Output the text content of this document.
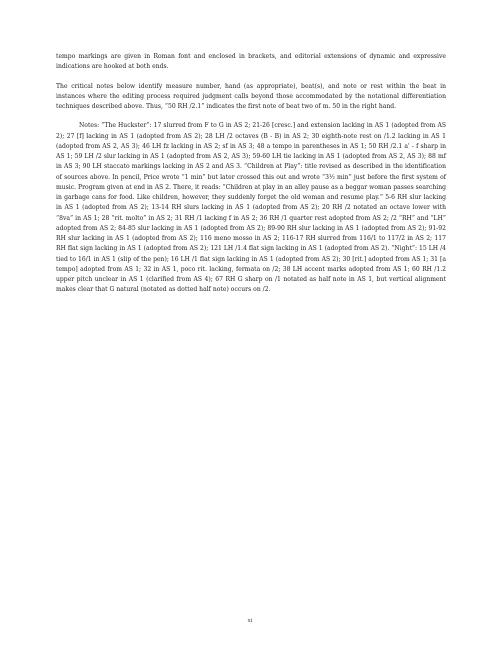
tempo markings are given in Roman font and enclosed in brackets, and editorial extensions of dynamic and expressive indications are hooked at both ends.

The critical notes below identify measure number, hand (as appropriate), beat(s), and note or rest within the beat in instances where the editing process required judgment calls beyond those accommodated by the notational differentiation techniques described above. Thus, “50 RH /2.1” indicates the first note of beat two of m. 50 in the right hand.

Notes: “The Huckster”: 17 slurred from F to G in AS 2; 21-26 [cresc.] and extension lacking in AS 1 (adopted from AS 2); 27 [f] lacking in AS 1 (adopted from AS 2); 28 LH /2 octaves (B - B) in AS 2; 30 eighth-note rest on /1.2 lacking in AS 1 (adopted from AS 2, AS 3); 46 LH fz lacking in AS 2; sf in AS 3; 48 a tempo in parentheses in AS 1; 50 RH /2.1 a' - f sharp in AS 1; 59 LH /2 slur lacking in AS 1 (adopted from AS 2, AS 3); 59-60 LH tie lacking in AS 1 (adopted from AS 2, AS 3); 88 mf in AS 3; 90 LH staccato markings lacking in AS 2 and AS 3. “Children at Play”: title revised as described in the identification of sources above. In pencil, Price wrote “1 min” but later crossed this out and wrote “3½ min” just before the first system of music. Program given at end in AS 2. There, it reads: “Children at play in an alley pause as a beggar woman passes searching in garbage cans for food. Like children, however, they suddenly forget the old woman and resume play.” 5-6 RH slur lacking in AS 1 (adopted from AS 2); 13-14 RH slurs lacking in AS 1 (adopted from AS 2); 20 RH /2 notated an octave lower with “8va” in AS 1; 28 “rit. molto” in AS 2; 31 RH /1 lacking f in AS 2; 36 RH /1 quarter rest adopted from AS 2; /2 “RH” and “LH” adopted from AS 2; 84-85 slur lacking in AS 1 (adopted from AS 2); 89-90 RH slur lacking in AS 1 (adopted from AS 2); 91-92 RH slur lacking in AS 1 (adopted from AS 2); 116 meno mosso in AS 2; 116-17 RH slurred from 116/1 to 117/2 in AS 2; 117 RH flat sign lacking in AS 1 (adopted from AS 2); 121 LH /1.4 flat sign lacking in AS 1 (adopted from AS 2). “Night”: 15 LH /4 tied to 16/1 in AS 1 (slip of the pen); 16 LH /1 flat sign lacking in AS 1 (adopted from AS 2); 30 [rit.] adopted from AS 1; 31 [a tempo] adopted from AS 1; 32 in AS 1, poco rit. lacking, fermata on /2; 38 LH accent marks adopted from AS 1; 60 RH /1.2 upper pitch unclear in AS 1 (clarified from AS 4); 67 RH G sharp on /1 notated as half note in AS 1, but vertical alignment makes clear that G natural (notated as dotted half note) occurs on /2.

xi
